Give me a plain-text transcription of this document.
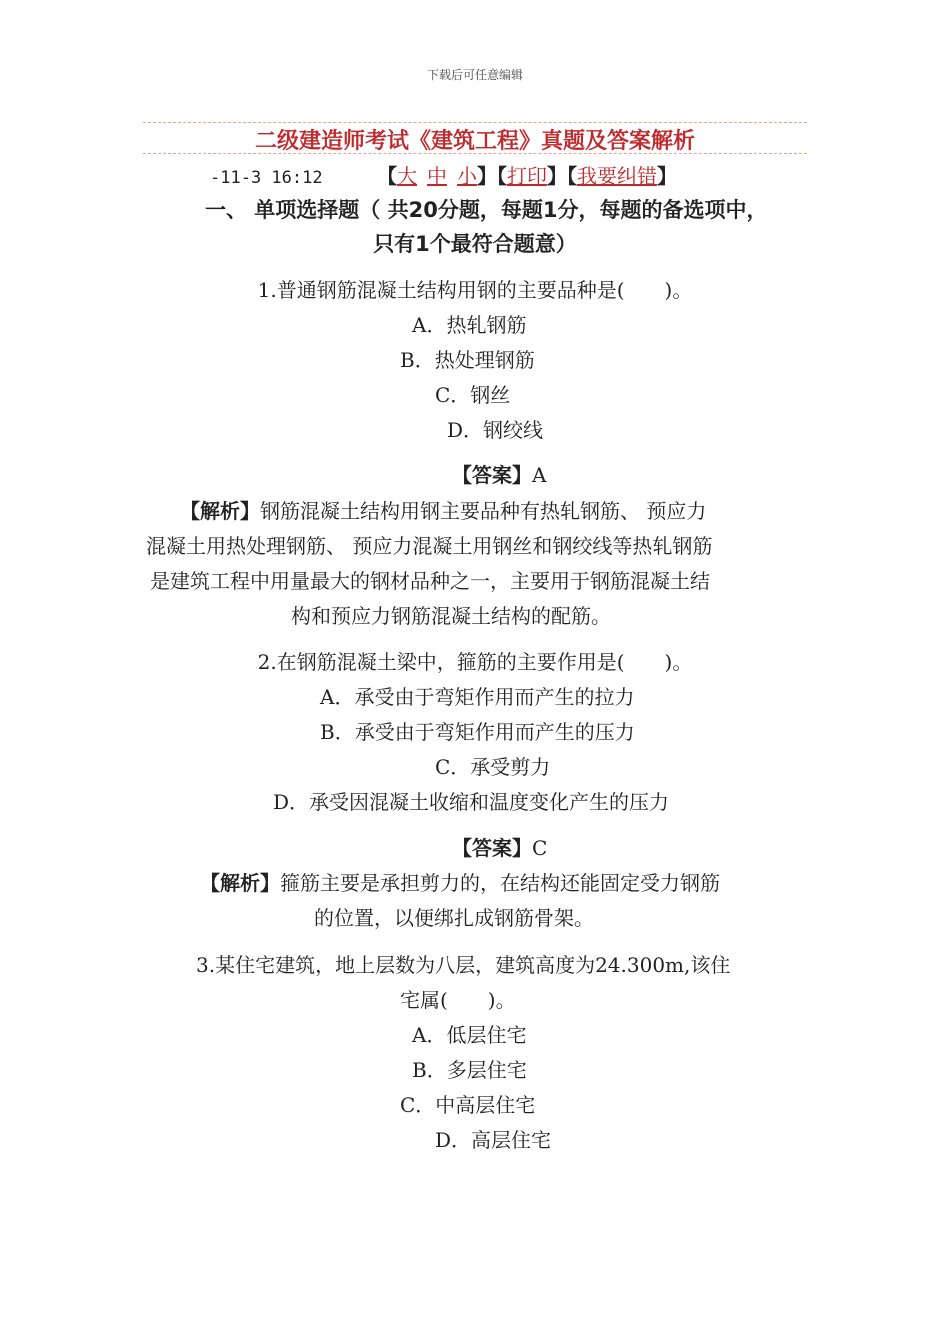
下载后可任意编辑
二级建造师考试《建筑工程》真题及答案解析
-11-3 16:12	【大 中 小】【打印】【我要纠错】
一、 单项选择题（ 共20分题，每题1分，每题的备选项中，
只有1个最符合题意）
1.普通钢筋混凝土结构用钢的主要品种是(　　)。
A．热轧钢筋
B．热处理钢筋
C．钢丝
D．钢绞线
【答案】A
【解析】钢筋混凝土结构用钢主要品种有热轧钢筋、 预应力
混凝土用热处理钢筋、 预应力混凝土用钢丝和钢绞线等热轧钢筋
是建筑工程中用量最大的钢材品种之一，主要用于钢筋混凝土结
构和预应力钢筋混凝土结构的配筋。
2.在钢筋混凝土梁中，箍筋的主要作用是(　　)。
A．承受由于弯矩作用而产生的拉力
B．承受由于弯矩作用而产生的压力
C．承受剪力
D．承受因混凝土收缩和温度变化产生的压力
【答案】C
【解析】箍筋主要是承担剪力的，在结构还能固定受力钢筋
的位置，以便绑扎成钢筋骨架。
3.某住宅建筑，地上层数为八层，建筑高度为24.300m,该住
宅属(　　)。
A．低层住宅
B．多层住宅
C．中高层住宅
D．高层住宅
